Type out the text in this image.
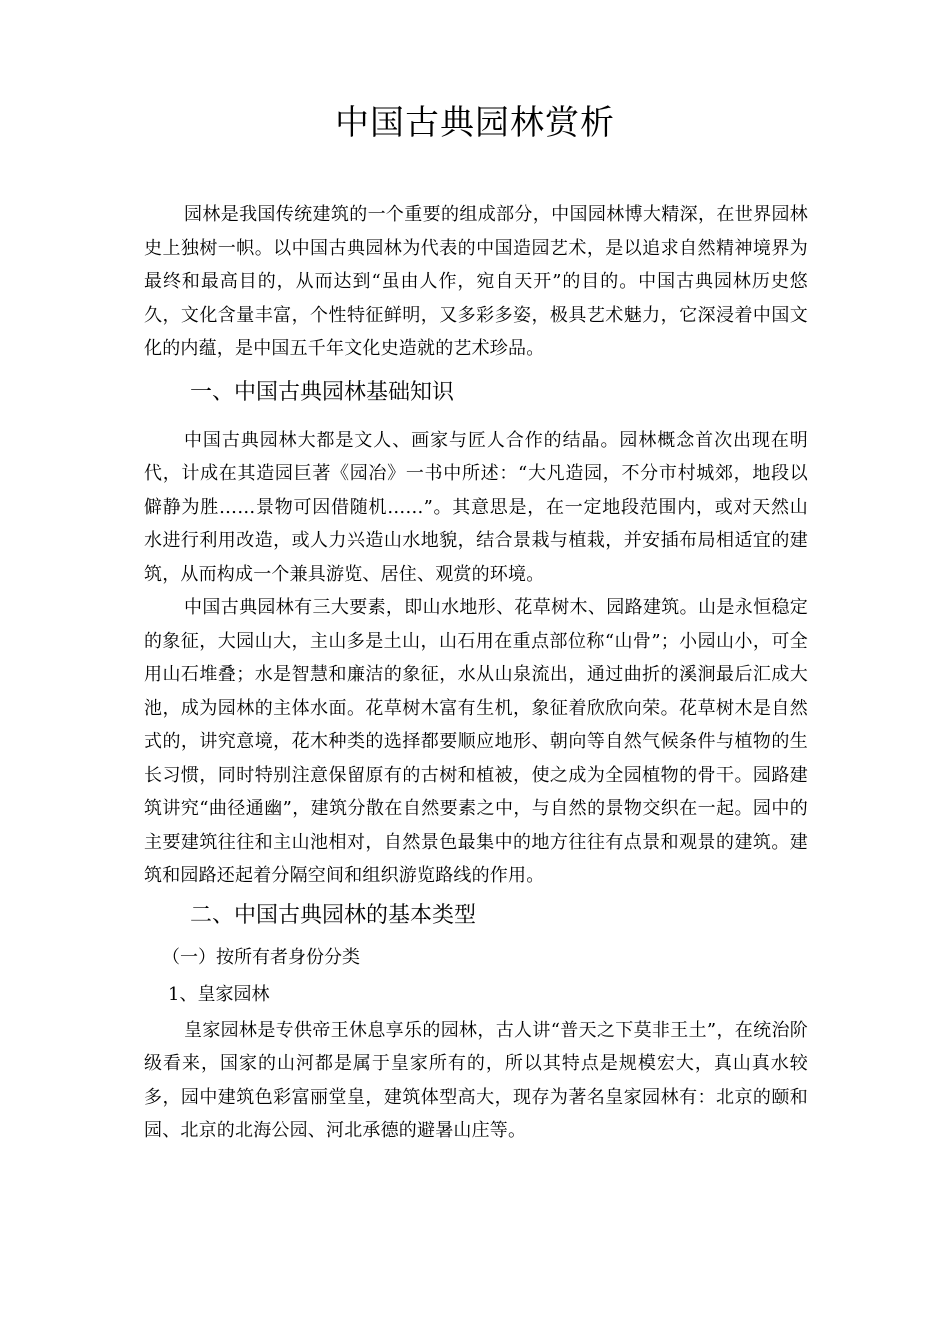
中国古典园林赏析

园林是我国传统建筑的一个重要的组成部分，中国园林博大精深，在世界园林史上独树一帜。以中国古典园林为代表的中国造园艺术，是以追求自然精神境界为最终和最高目的，从而达到“虽由人作，宛自天开”的目的。中国古典园林历史悠久，文化含量丰富，个性特征鲜明，又多彩多姿，极具艺术魅力，它深浸着中国文化的内蕴，是中国五千年文化史造就的艺术珍品。

一、中国古典园林基础知识

中国古典园林大都是文人、画家与匠人合作的结晶。园林概念首次出现在明代，计成在其造园巨著《园冶》一书中所述：“大凡造园，不分市村城郊，地段以僻静为胜……景物可因借随机……”。其意思是，在一定地段范围内，或对天然山水进行利用改造，或人力兴造山水地貌，结合景栽与植栽，并安插布局相适宜的建筑，从而构成一个兼具游览、居住、观赏的环境。

中国古典园林有三大要素，即山水地形、花草树木、园路建筑。山是永恒稳定的象征，大园山大，主山多是土山，山石用在重点部位称“山骨”；小园山小，可全用山石堆叠；水是智慧和廉洁的象征，水从山泉流出，通过曲折的溪涧最后汇成大池，成为园林的主体水面。花草树木富有生机，象征着欣欣向荣。花草树木是自然式的，讲究意境，花木种类的选择都要顺应地形、朝向等自然气候条件与植物的生长习惯，同时特别注意保留原有的古树和植被，使之成为全园植物的骨干。园路建筑讲究“曲径通幽”，建筑分散在自然要素之中，与自然的景物交织在一起。园中的主要建筑往往和主山池相对，自然景色最集中的地方往往有点景和观景的建筑。建筑和园路还起着分隔空间和组织游览路线的作用。

二、中国古典园林的基本类型

（一）按所有者身份分类

1、皇家园林

皇家园林是专供帝王休息享乐的园林，古人讲“普天之下莫非王土”，在统治阶级看来，国家的山河都是属于皇家所有的，所以其特点是规模宏大，真山真水较多，园中建筑色彩富丽堂皇，建筑体型高大，现存为著名皇家园林有：北京的颐和园、北京的北海公园、河北承德的避暑山庄等。
